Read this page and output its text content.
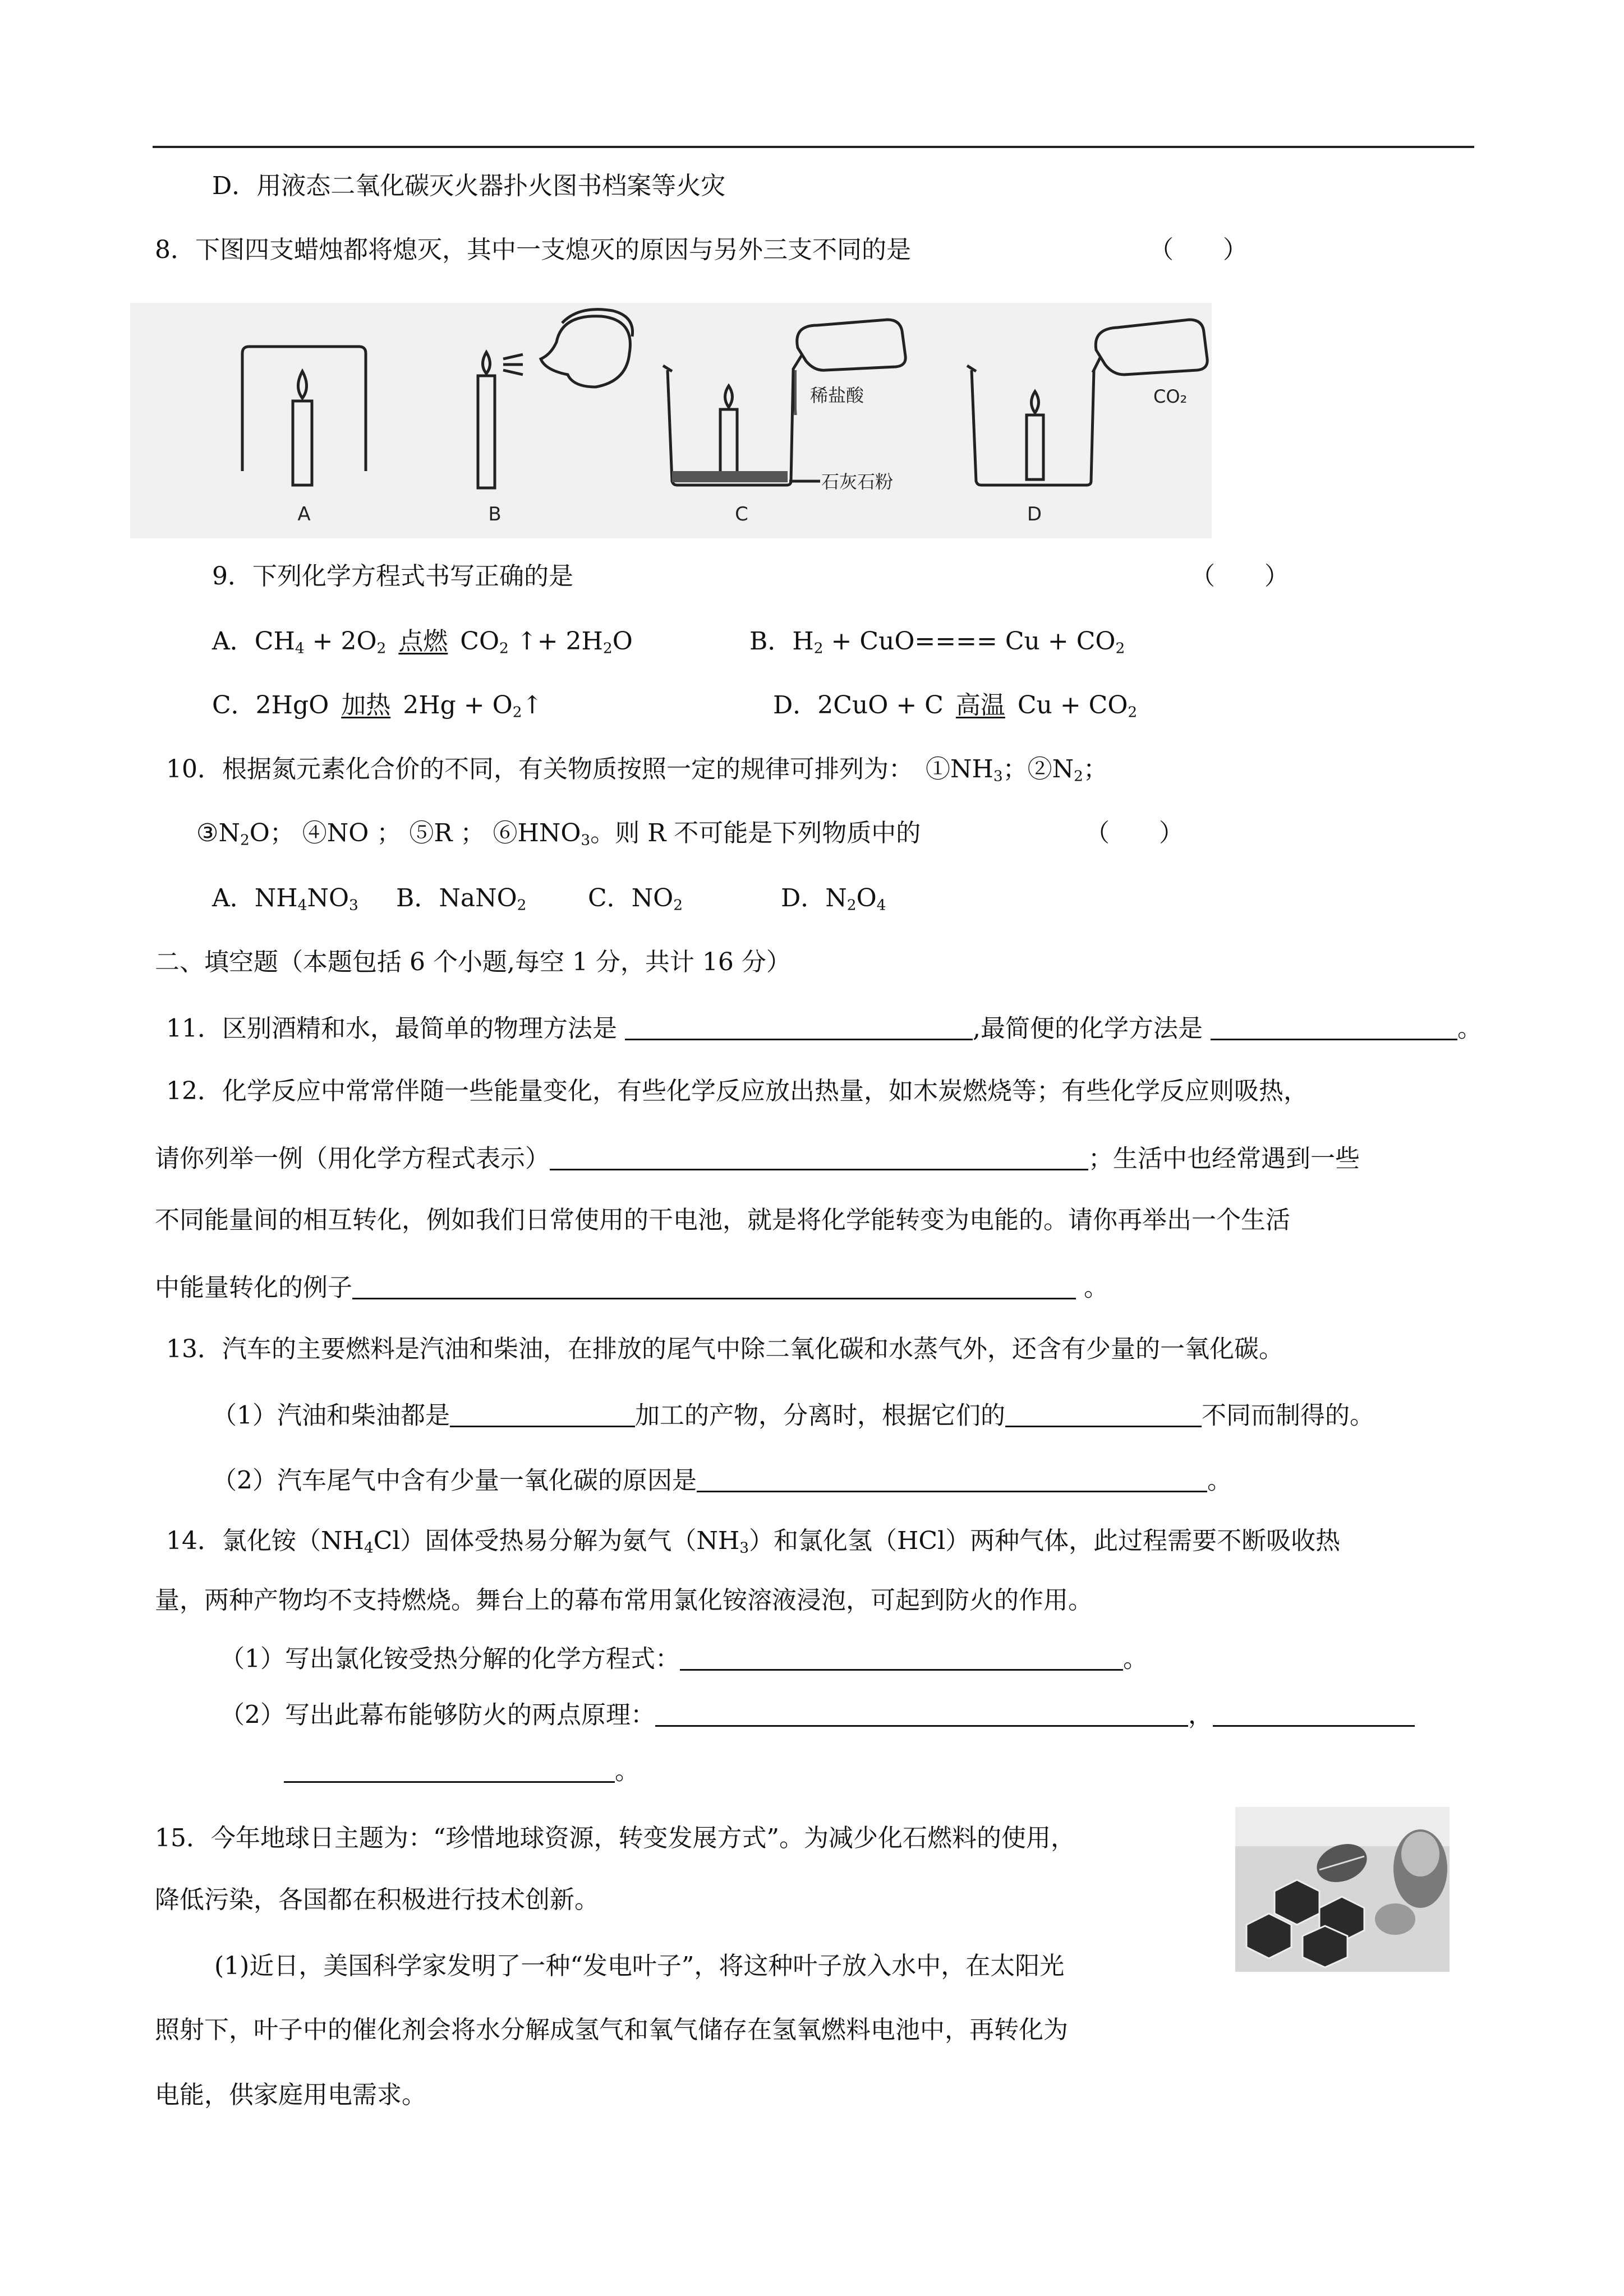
D．用液态二氧化碳灭火器扑火图书档案等火灾
8．下图四支蜡烛都将熄灭，其中一支熄灭的原因与另外三支不同的是	（　　）
A	B	C	D
稀盐酸
石灰石粉
CO₂
9．下列化学方程式书写正确的是	（　　）
A．$CH_4 + 2O_2$ 点燃 $CO_2$ ↑+ $2H_2O$	B．$H_2 + CuO==== Cu + CO_2$
C．2HgO 加热 $2Hg + O_2↑$	D．2CuO + C 高温 $Cu + CO_2$
10．根据氮元素化合价的不同，有关物质按照一定的规律可排列为：　$①NH_3$；$②N_2$；
$③N_2O$； ④NO ； ⑤R ； $⑥HNO_3$。则 R 不可能是下列物质中的	（　　）
A．$NH_4NO_3$ B．NaNO$_2$ C．$NO_2$	D．$N_2O_4$
二、填空题（本题包括 6 个小题,每空 1 分，共计 16 分）
11．区别酒精和水，最简单的物理方法是	,最简便的化学方法是	。
12．化学反应中常常伴随一些能量变化，有些化学反应放出热量，如木炭燃烧等；有些化学反应则吸热，
请你列举一例（用化学方程式表示）	；生活中也经常遇到一些
不同能量间的相互转化，例如我们日常使用的干电池，就是将化学能转变为电能的。请你再举出一个生活
中能量转化的例子	。
13．汽车的主要燃料是汽油和柴油，在排放的尾气中除二氧化碳和水蒸气外，还含有少量的一氧化碳。
（1）汽油和柴油都是	加工的产物，分离时，根据它们的	不同而制得的。
（2）汽车尾气中含有少量一氧化碳的原因是	。
14．氯化铵$(NH_4Cl)$固体受热易分解为氨气$(NH_3)$和氯化氢（HCl）两种气体，此过程需要不断吸收热
量，两种产物均不支持燃烧。舞台上的幕布常用氯化铵溶液浸泡，可起到防火的作用。
（1）写出氯化铵受热分解的化学方程式：	。
（2）写出此幕布能够防火的两点原理：	，
。
15．今年地球日主题为：“珍惜地球资源，转变发展方式”。为减少化石燃料的使用，
降低污染，各国都在积极进行技术创新。
(1)近日，美国科学家发明了一种“发电叶子”，将这种叶子放入水中，在太阳光
照射下，叶子中的催化剂会将水分解成氢气和氧气储存在氢氧燃料电池中，再转化为
电能，供家庭用电需求。
